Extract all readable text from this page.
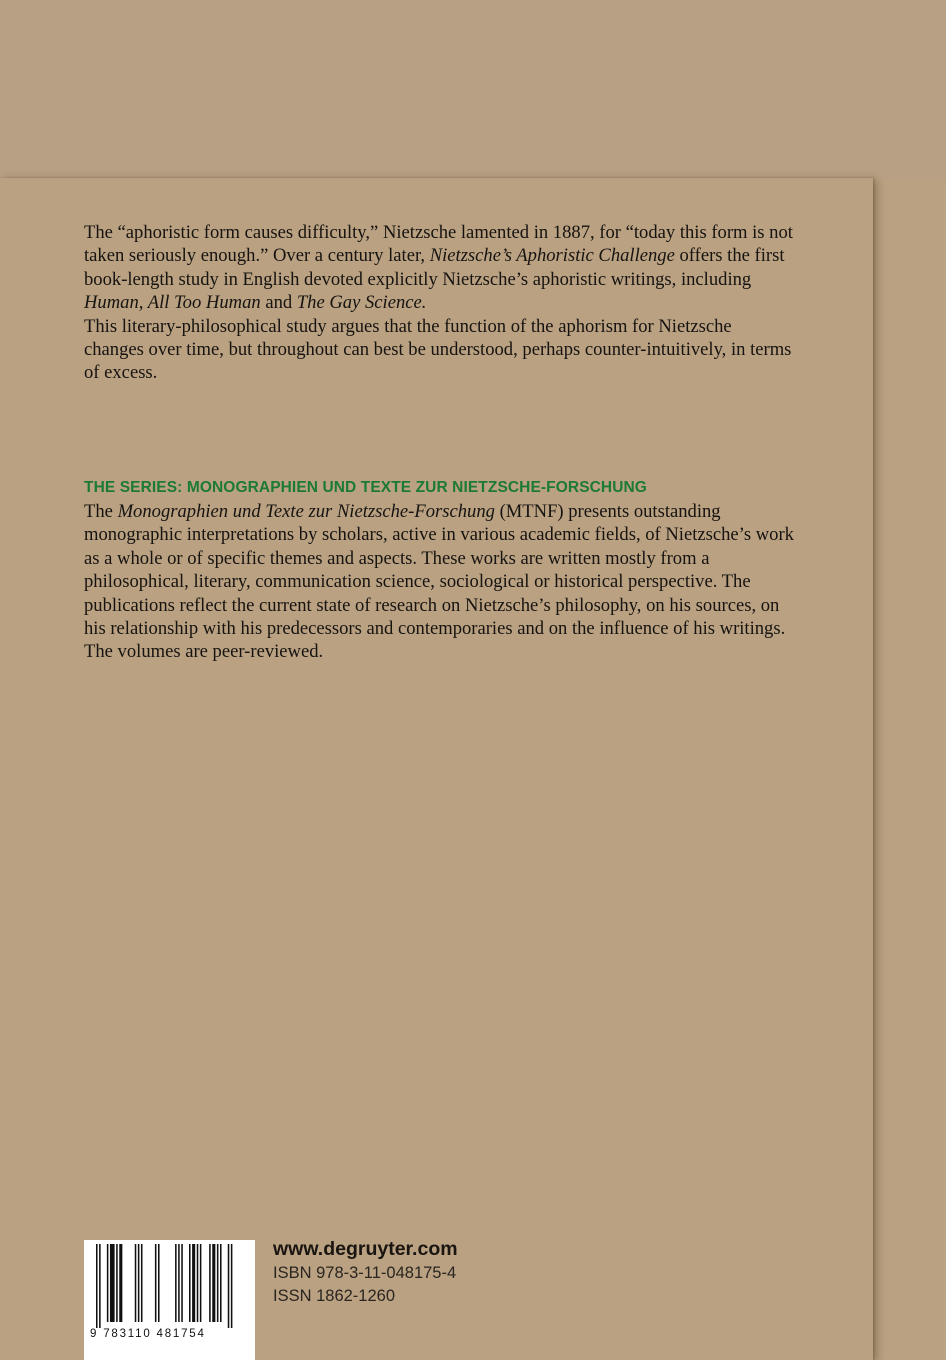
The “aphoristic form causes difficulty,” Nietzsche lamented in 1887, for “today this form is not taken seriously enough.” Over a century later, Nietzsche’s Aphoristic Challenge offers the first book-length study in English devoted explicitly Nietzsche’s aphoristic writings, including Human, All Too Human and The Gay Science.
This literary-philosophical study argues that the function of the aphorism for Nietzsche changes over time, but throughout can best be understood, perhaps counter-intuitively, in terms of excess.
THE SERIES: MONOGRAPHIEN UND TEXTE ZUR NIETZSCHE-FORSCHUNG
The Monographien und Texte zur Nietzsche-Forschung (MTNF) presents outstanding monographic interpretations by scholars, active in various academic fields, of Nietzsche’s work as a whole or of specific themes and aspects. These works are written mostly from a philosophical, literary, communication science, sociological or historical perspective. The publications reflect the current state of research on Nietzsche’s philosophy, on his sources, on his relationship with his predecessors and contemporaries and on the influence of his writings. The volumes are peer-reviewed.
9 783110 481754
www.degruyter.com
ISBN 978-3-11-048175-4
ISSN 1862-1260
